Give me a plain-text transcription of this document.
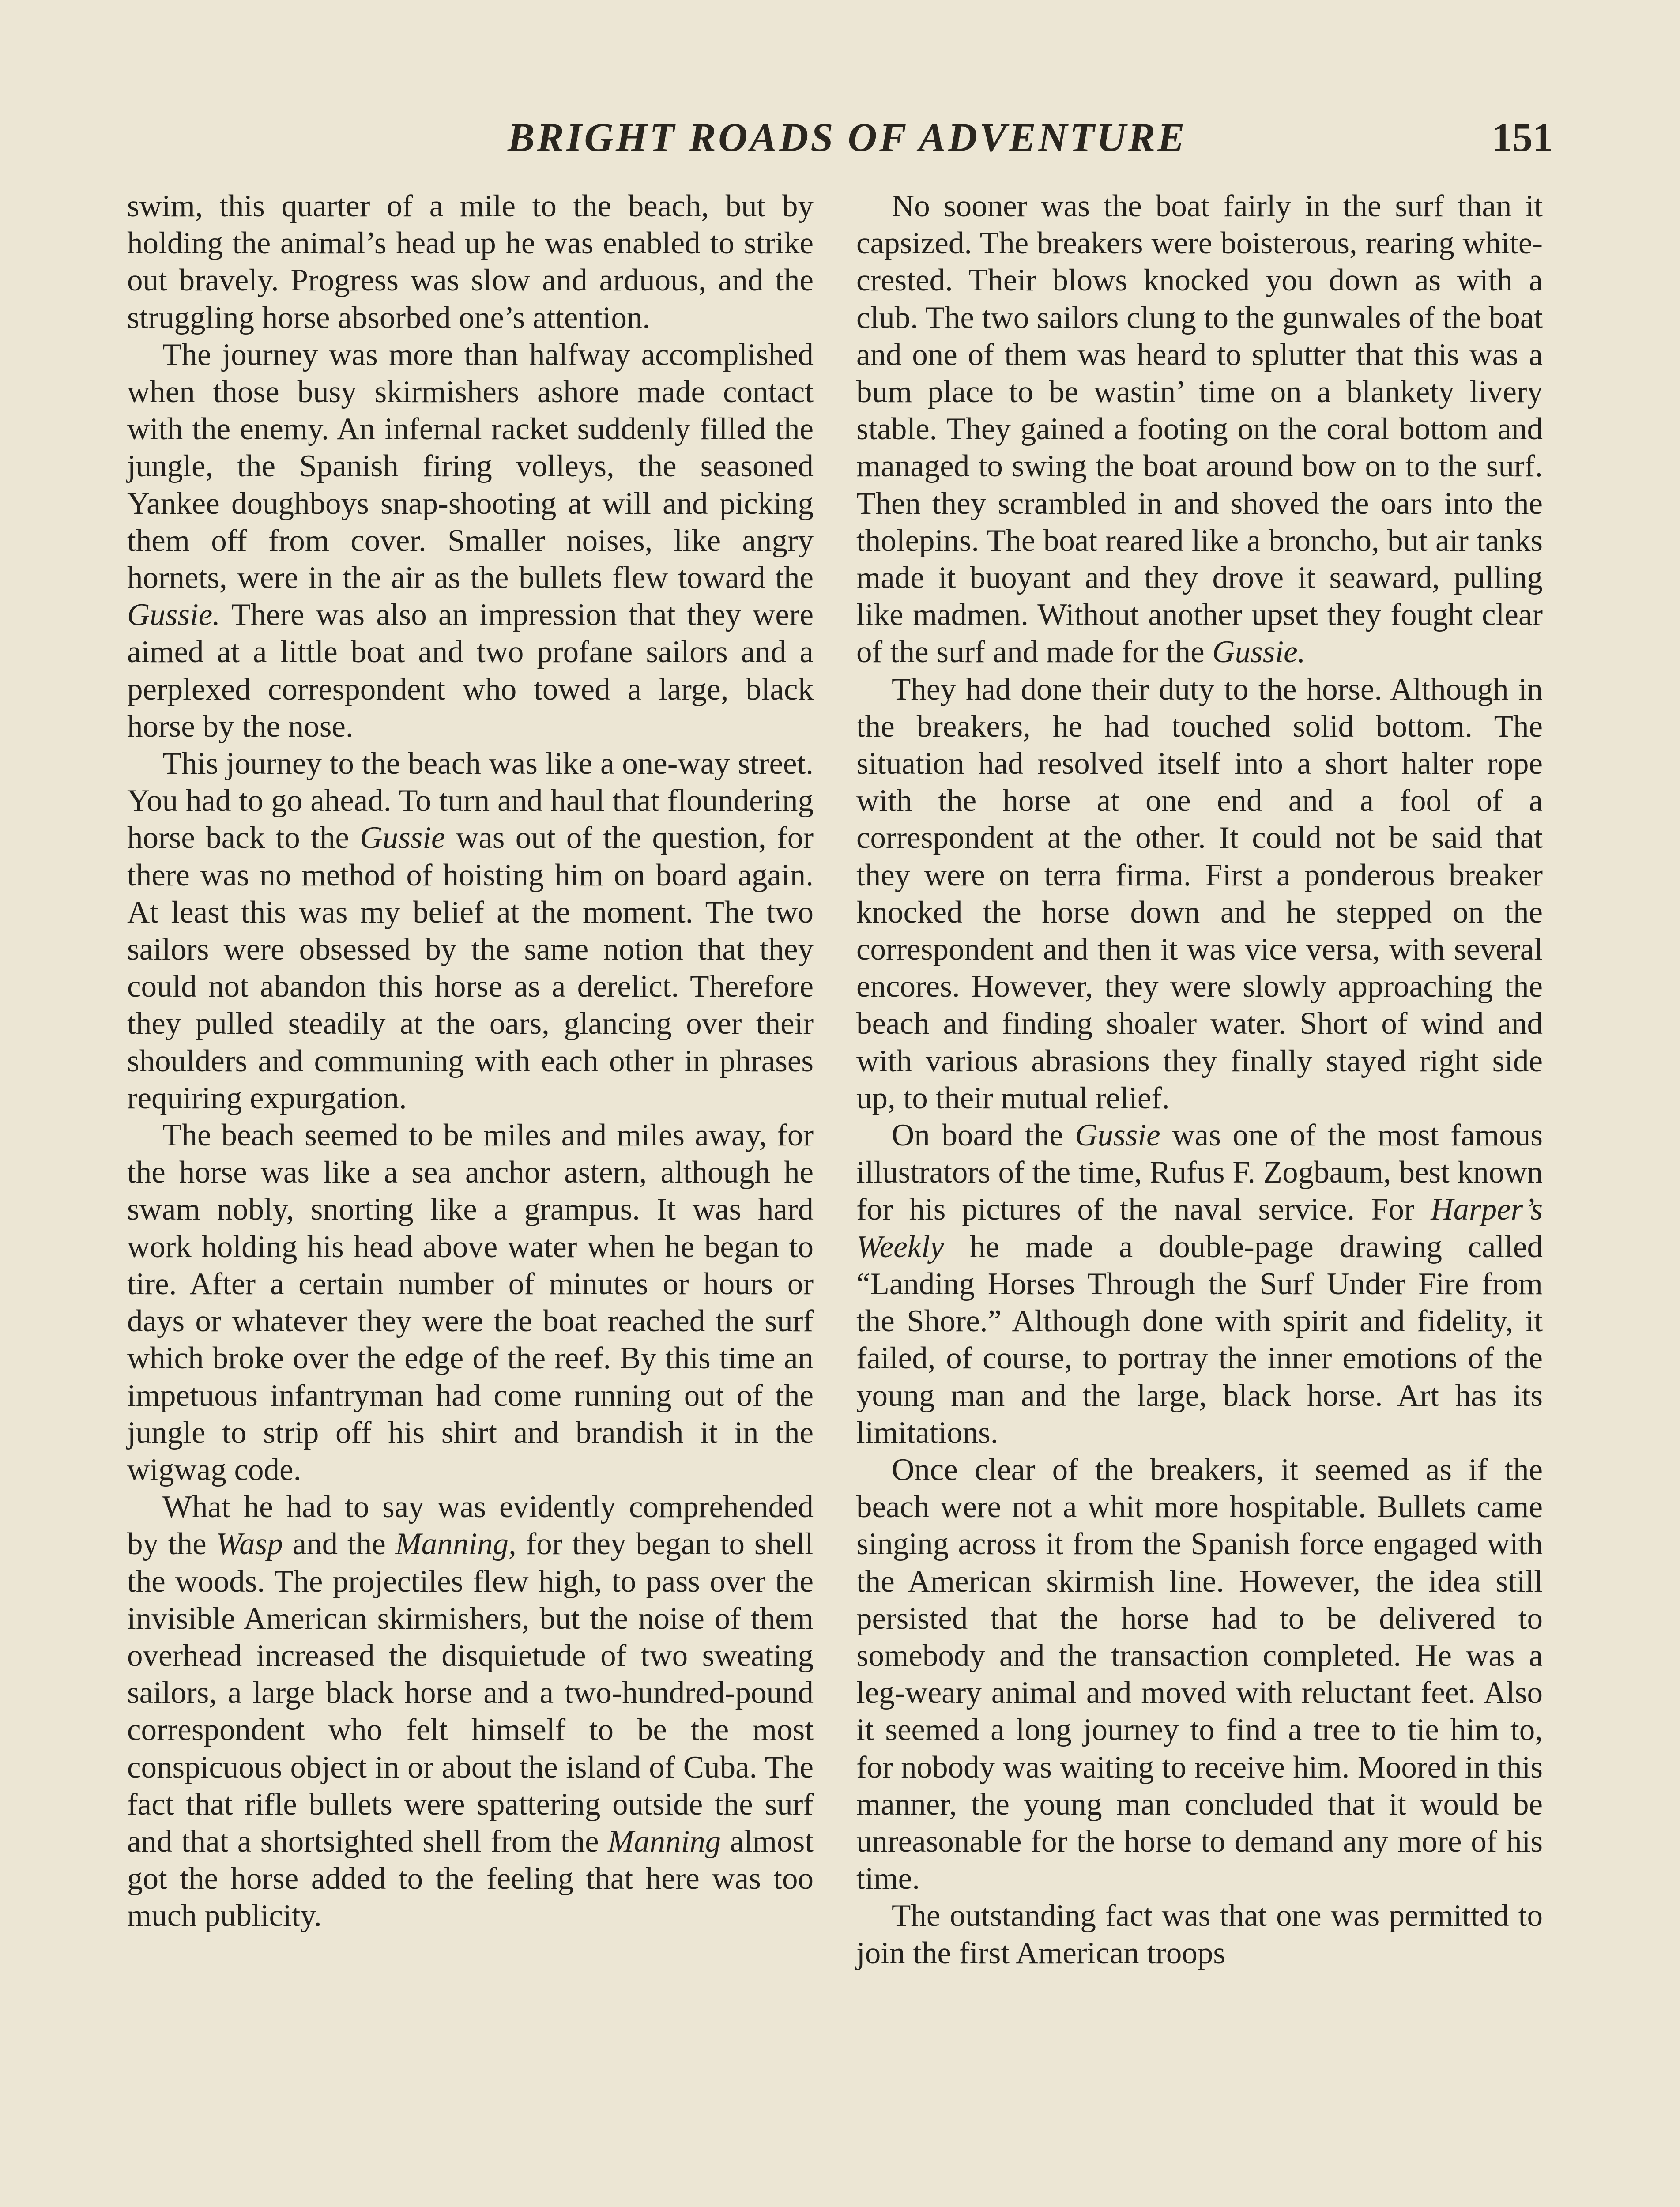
BRIGHT ROADS OF ADVENTURE	151

swim, this quarter of a mile to the beach, but by holding the animal’s head up he was enabled to strike out bravely. Progress was slow and arduous, and the struggling horse absorbed one’s attention.

The journey was more than halfway accomplished when those busy skirmishers ashore made contact with the enemy. An infernal racket suddenly filled the jungle, the Spanish firing volleys, the seasoned Yankee doughboys snap-shooting at will and picking them off from cover. Smaller noises, like angry hornets, were in the air as the bullets flew toward the Gussie. There was also an impression that they were aimed at a little boat and two profane sailors and a perplexed correspondent who towed a large, black horse by the nose.

This journey to the beach was like a one-way street. You had to go ahead. To turn and haul that floundering horse back to the Gussie was out of the question, for there was no method of hoisting him on board again. At least this was my belief at the moment. The two sailors were obsessed by the same notion that they could not abandon this horse as a derelict. Therefore they pulled steadily at the oars, glancing over their shoulders and communing with each other in phrases requiring expurgation.

The beach seemed to be miles and miles away, for the horse was like a sea anchor astern, although he swam nobly, snorting like a grampus. It was hard work holding his head above water when he began to tire. After a certain number of minutes or hours or days or whatever they were the boat reached the surf which broke over the edge of the reef. By this time an impetuous infantryman had come running out of the jungle to strip off his shirt and brandish it in the wigwag code.

What he had to say was evidently comprehended by the Wasp and the Manning, for they began to shell the woods. The projectiles flew high, to pass over the invisible American skirmishers, but the noise of them overhead increased the disquietude of two sweating sailors, a large black horse and a two-hundred-pound correspondent who felt himself to be the most conspicuous object in or about the island of Cuba. The fact that rifle bullets were spattering outside the surf and that a shortsighted shell from the Manning almost got the horse added to the feeling that here was too much publicity.

No sooner was the boat fairly in the surf than it capsized. The breakers were boisterous, rearing white-crested. Their blows knocked you down as with a club. The two sailors clung to the gunwales of the boat and one of them was heard to splutter that this was a bum place to be wastin’ time on a blankety livery stable. They gained a footing on the coral bottom and managed to swing the boat around bow on to the surf. Then they scrambled in and shoved the oars into the tholepins. The boat reared like a broncho, but air tanks made it buoyant and they drove it seaward, pulling like madmen. Without another upset they fought clear of the surf and made for the Gussie.

They had done their duty to the horse. Although in the breakers, he had touched solid bottom. The situation had resolved itself into a short halter rope with the horse at one end and a fool of a correspondent at the other. It could not be said that they were on terra firma. First a ponderous breaker knocked the horse down and he stepped on the correspondent and then it was vice versa, with several encores. However, they were slowly approaching the beach and finding shoaler water. Short of wind and with various abrasions they finally stayed right side up, to their mutual relief.

On board the Gussie was one of the most famous illustrators of the time, Rufus F. Zogbaum, best known for his pictures of the naval service. For Harper’s Weekly he made a double-page drawing called “Landing Horses Through the Surf Under Fire from the Shore.” Although done with spirit and fidelity, it failed, of course, to portray the inner emotions of the young man and the large, black horse. Art has its limitations.

Once clear of the breakers, it seemed as if the beach were not a whit more hospitable. Bullets came singing across it from the Spanish force engaged with the American skirmish line. However, the idea still persisted that the horse had to be delivered to somebody and the transaction completed. He was a leg-weary animal and moved with reluctant feet. Also it seemed a long journey to find a tree to tie him to, for nobody was waiting to receive him. Moored in this manner, the young man concluded that it would be unreasonable for the horse to demand any more of his time.

The outstanding fact was that one was permitted to join the first American troops
